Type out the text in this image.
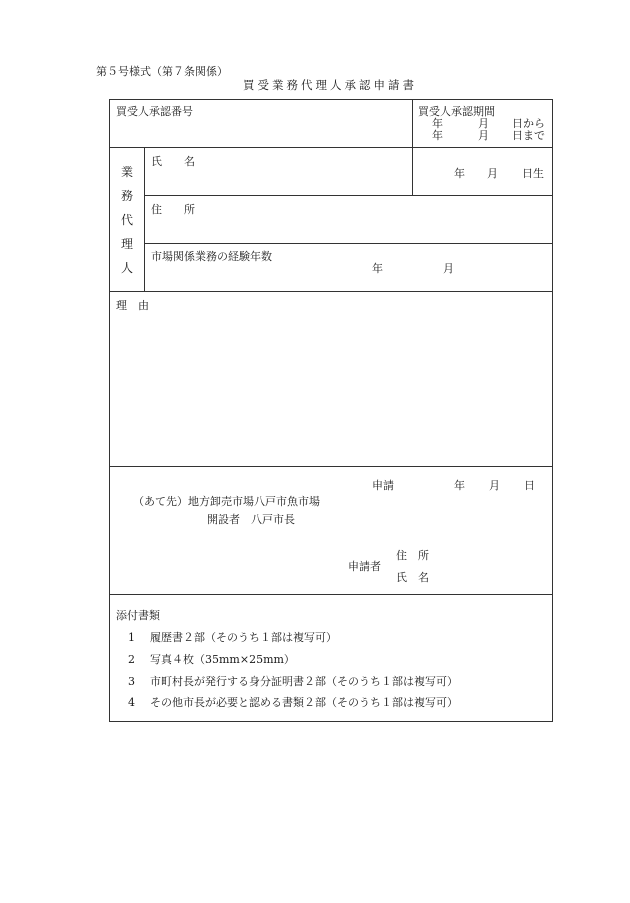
第５号様式（第７条関係）
買受業務代理人承認申請書
買受人承認番号	買受人承認期間
年	月 日から
年	月 日まで
業
務
代
理
人
氏　　名
年 月 日生
住　　所
市場関係業務の経験年数
年	月
理　由
申請	年 月 日
（あて先）地方卸売市場八戸市魚市場
開設者　八戸市長
申請者
住　所
氏　名
添付書類
1 履歴書２部（そのうち１部は複写可）
2 写真４枚（35mm×25mm）
3 市町村長が発行する身分証明書２部（そのうち１部は複写可）
4 その他市長が必要と認める書類２部（そのうち１部は複写可）
